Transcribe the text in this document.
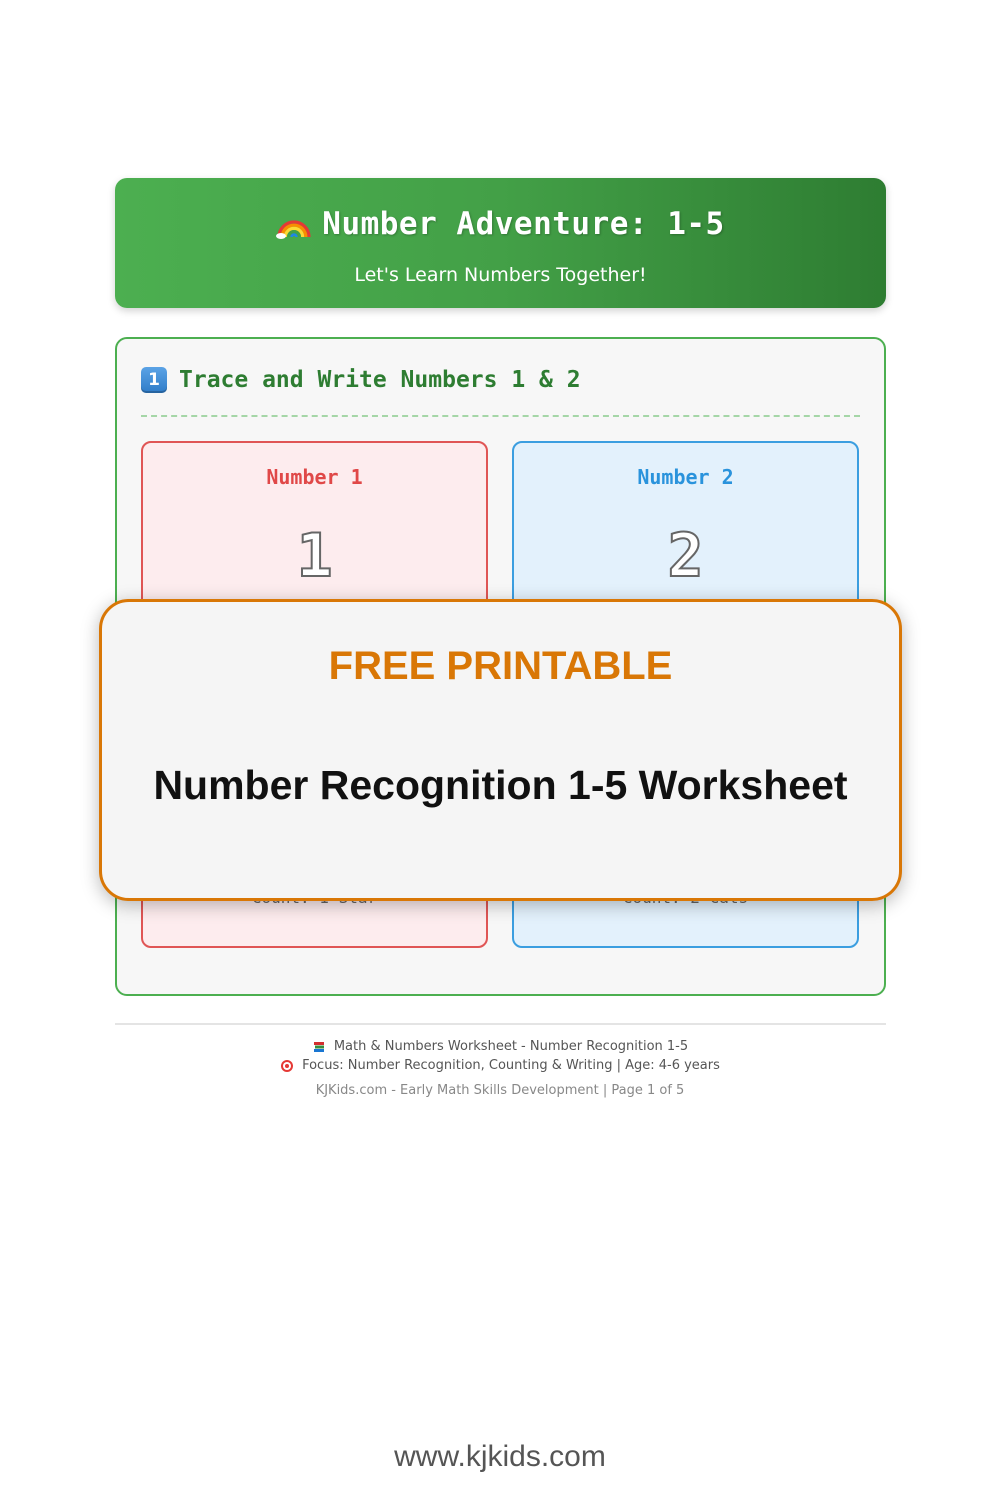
Number Adventure: 1-5
Let's Learn Numbers Together!
1 Trace and Write Numbers 1 & 2
Number 1
1
Number 2
2
FREE PRINTABLE
Number Recognition 1-5 Worksheet
Math & Numbers Worksheet - Number Recognition 1-5
Focus: Number Recognition, Counting & Writing | Age: 4-6 years
KJKids.com - Early Math Skills Development | Page 1 of 5
www.kjkids.com
